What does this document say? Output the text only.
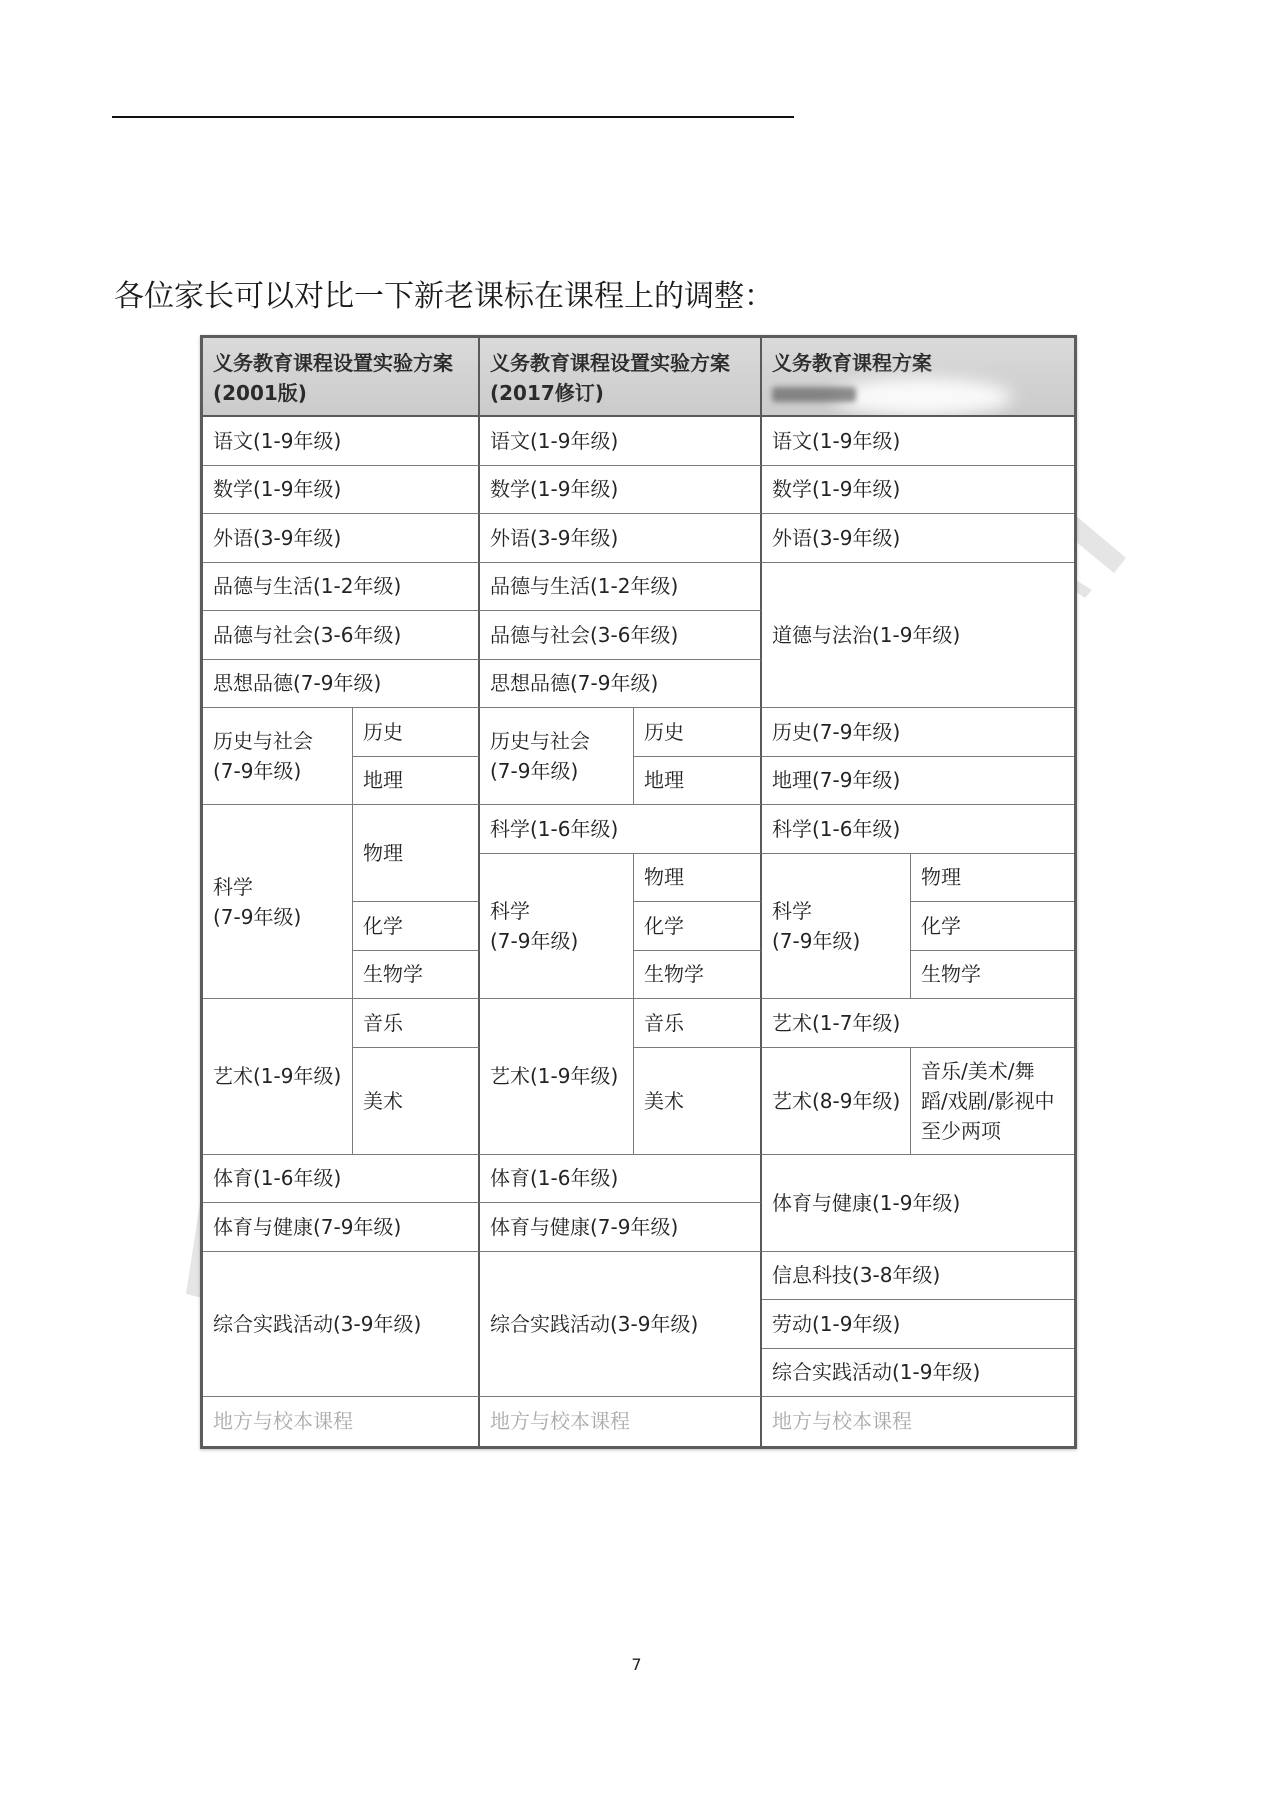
各位家长可以对比一下新老课标在课程上的调整：
义务教育课程设置实验方案
(2001版)
语文(1-9年级)
数学(1-9年级)
外语(3-9年级)
品德与生活(1-2年级)
品德与社会(3-6年级)
思想品德(7-9年级)
历史与社会
(7-9年级)
历史
地理
科学
(7-9年级)
物理
化学
生物学
艺术(1-9年级)
音乐
美术
体育(1-6年级)
体育与健康(7-9年级)
综合实践活动(3-9年级)
地方与校本课程
义务教育课程设置实验方案
(2017修订)
语文(1-9年级)
数学(1-9年级)
外语(3-9年级)
品德与生活(1-2年级)
品德与社会(3-6年级)
思想品德(7-9年级)
历史与社会
(7-9年级)
历史
地理
科学(1-6年级)
科学
(7-9年级)
物理
化学
生物学
艺术(1-9年级)
音乐
美术
体育(1-6年级)
体育与健康(7-9年级)
综合实践活动(3-9年级)
地方与校本课程
义务教育课程方案
语文(1-9年级)
数学(1-9年级)
外语(3-9年级)
道德与法治(1-9年级)
历史(7-9年级)
地理(7-9年级)
科学(1-6年级)
科学
(7-9年级)
物理
化学
生物学
艺术(1-7年级)
艺术(8-9年级)
音乐/美术/舞
蹈/戏剧/影视中
至少两项
体育与健康(1-9年级)
信息科技(3-8年级)
劳动(1-9年级)
综合实践活动(1-9年级)
地方与校本课程
7
